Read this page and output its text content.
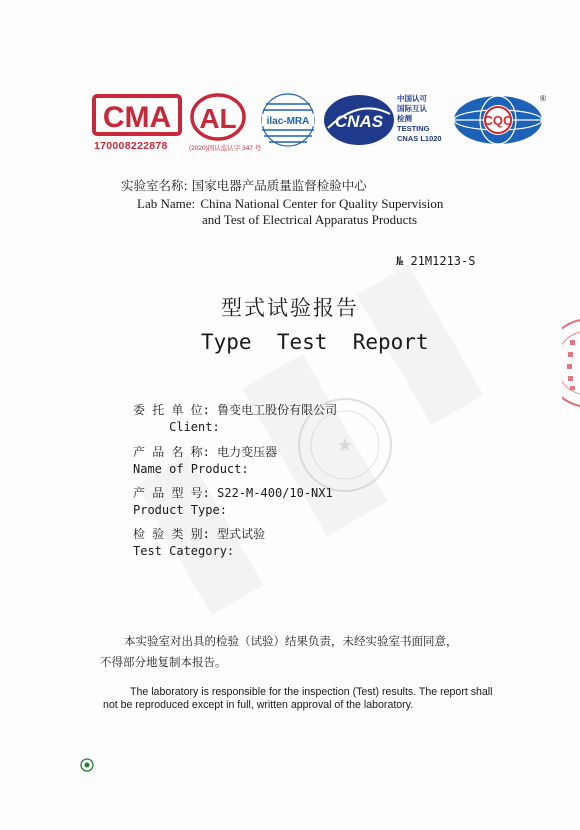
★
CMA
170008222878
AL
(2020)国认监认字 347 号
ilac-MRA CNAS
中国认可
国际互认
检测
TESTING
CNAS L1020
CQC
®
实验室名称: 国家电器产品质量监督检验中心
Lab Name: China National Center for Quality Supervision
and Test of Electrical Apparatus Products
№ 21M1213-S
型式试验报告
Type  Test  Report
委 托 单 位: 鲁变电工股份有限公司
Client:
产 品 名 称: 电力变压器
Name of Product:
产 品 型 号: S22-M-400/10-NX1
Product Type:
检 验 类 别: 型式试验
Test Category:
本实验室对出具的检验（试验）结果负责，未经实验室书面同意，
不得部分地复制本报告。
The laboratory is responsible for the inspection (Test) results. The report shall
not be reproduced except in full, written approval of the laboratory.
